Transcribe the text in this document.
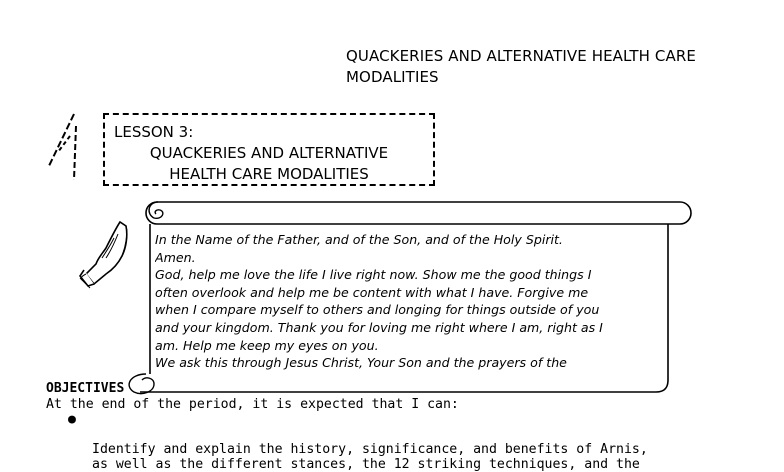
QUACKERIES AND ALTERNATIVE HEALTH CARE
MODALITIES
LESSON 3:
QUACKERIES AND ALTERNATIVE
HEALTH CARE MODALITIES

In the Name of the Father, and of the Son, and of the Holy Spirit.
Amen.
God, help me love the life I live right now. Show me the good things I
often overlook and help me be content with what I have. Forgive me
when I compare myself to others and longing for things outside of you
and your kingdom. Thank you for loving me right where I am, right as I
am. Help me keep my eyes on you.
We ask this through Jesus Christ, Your Son and the prayers of the

OBJECTIVES
At the end of the period, it is expected that I can:

●

Identify and explain the history, significance, and benefits of Arnis,
as well as the different stances, the 12 striking techniques, and the
